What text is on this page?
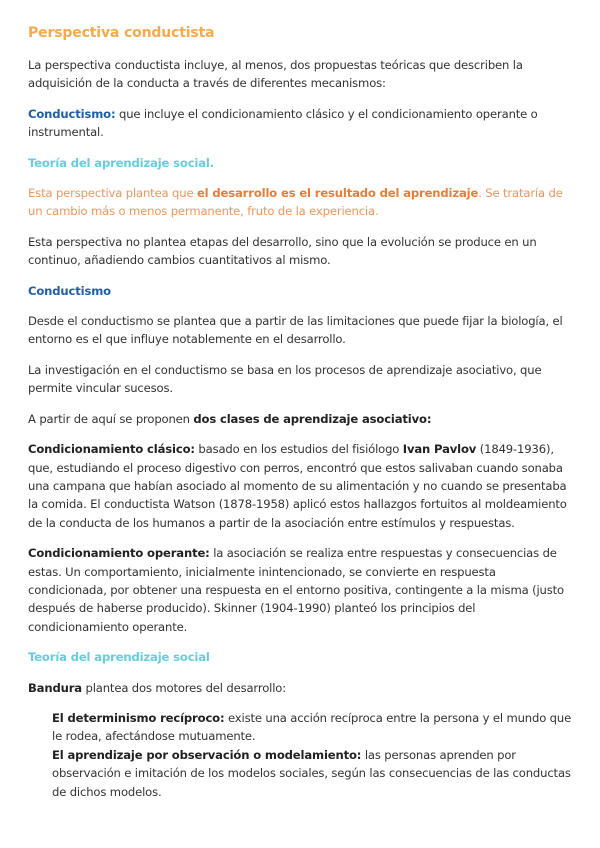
Perspectiva conductista

La perspectiva conductista incluye, al menos, dos propuestas teóricas que describen la adquisición de la conducta a través de diferentes mecanismos:

Conductismo: que incluye el condicionamiento clásico y el condicionamiento operante o instrumental.

Teoría del aprendizaje social.

Esta perspectiva plantea que el desarrollo es el resultado del aprendizaje. Se trataría de un cambio más o menos permanente, fruto de la experiencia.

Esta perspectiva no plantea etapas del desarrollo, sino que la evolución se produce en un continuo, añadiendo cambios cuantitativos al mismo.

Conductismo

Desde el conductismo se plantea que a partir de las limitaciones que puede fijar la biología, el entorno es el que influye notablemente en el desarrollo.

La investigación en el conductismo se basa en los procesos de aprendizaje asociativo, que permite vincular sucesos.

A partir de aquí se proponen dos clases de aprendizaje asociativo:

Condicionamiento clásico: basado en los estudios del fisiólogo Ivan Pavlov (1849-1936), que, estudiando el proceso digestivo con perros, encontró que estos salivaban cuando sonaba una campana que habían asociado al momento de su alimentación y no cuando se presentaba la comida. El conductista Watson (1878-1958) aplicó estos hallazgos fortuitos al moldeamiento de la conducta de los humanos a partir de la asociación entre estímulos y respuestas.

Condicionamiento operante: la asociación se realiza entre respuestas y consecuencias de estas. Un comportamiento, inicialmente inintencionado, se convierte en respuesta condicionada, por obtener una respuesta en el entorno positiva, contingente a la misma (justo después de haberse producido). Skinner (1904-1990) planteó los principios del condicionamiento operante.

Teoría del aprendizaje social

Bandura plantea dos motores del desarrollo:

El determinismo recíproco: existe una acción recíproca entre la persona y el mundo que le rodea, afectándose mutuamente.

El aprendizaje por observación o modelamiento: las personas aprenden por observación e imitación de los modelos sociales, según las consecuencias de las conductas de dichos modelos.
